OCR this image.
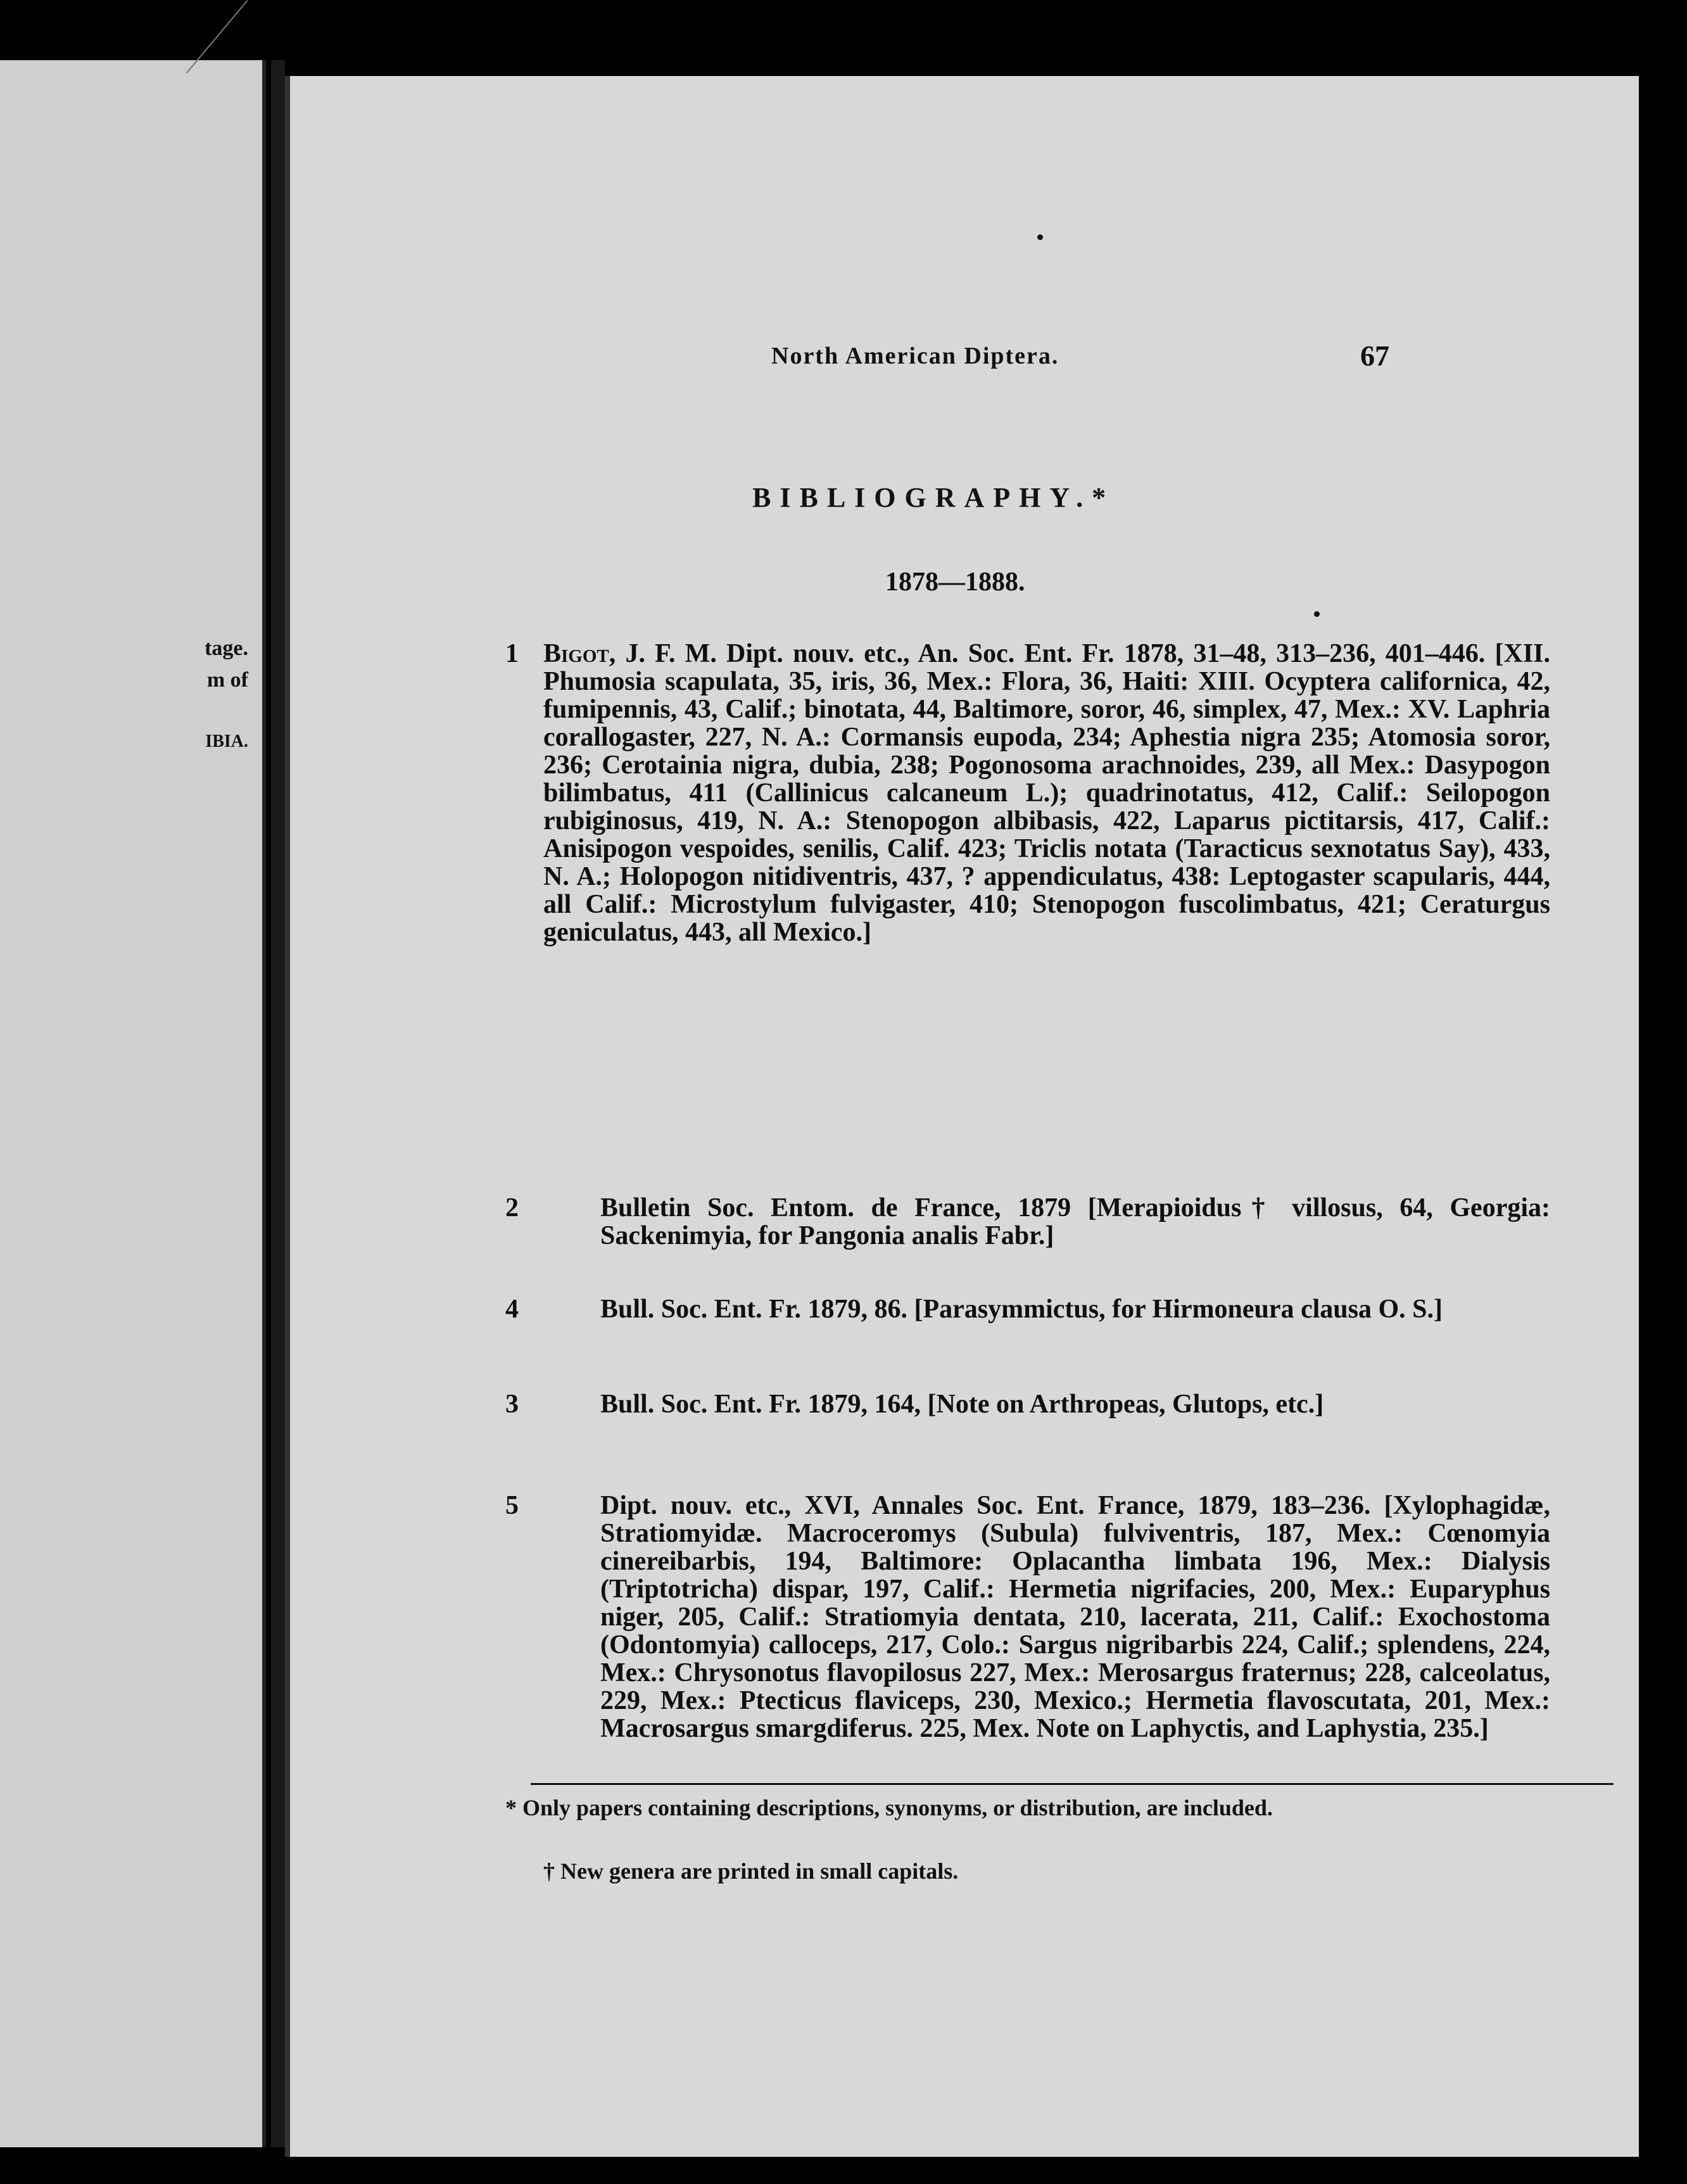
tage.
m of
IBIA.
North American Diptera.	67
BIBLIOGRAPHY.*
1878—1888.
1 Bigot, J. F. M. Dipt. nouv. etc., An. Soc. Ent. Fr. 1878, 31–48, 313–236, 401–446. [XII. Phumosia scapulata, 35, iris, 36, Mex.: Flora, 36, Haiti: XIII. Ocyptera californica, 42, fumipennis, 43, Calif.; binotata, 44, Baltimore, soror, 46, simplex, 47, Mex.: XV. Laphria corallogaster, 227, N. A.: Cormansis eupoda, 234; Aphestia nigra 235; Atomosia soror, 236; Cerotainia nigra, dubia, 238; Pogonosoma arachnoides, 239, all Mex.: Dasypogon bilimbatus, 411 (Callinicus calcaneum L.); quadrinotatus, 412, Calif.: Seilopogon rubiginosus, 419, N. A.: Stenopogon albibasis, 422, Laparus pictitarsis, 417, Calif.: Anisipogon vespoides, senilis, Calif. 423; Triclis notata (Taracticus sexnotatus Say), 433, N. A.; Holopogon nitidiventris, 437, ? appendiculatus, 438: Leptogaster scapularis, 444, all Calif.: Microstylum fulvigaster, 410; Stenopogon fuscolimbatus, 421; Ceraturgus geniculatus, 443, all Mexico.]
2	Bulletin Soc. Entom. de France, 1879 [Merapioidus† villosus, 64, Georgia: Sackenimyia, for Pangonia analis Fabr.]
4	Bull. Soc. Ent. Fr. 1879, 86. [Parasymmictus, for Hirmoneura clausa O. S.]
3	Bull. Soc. Ent. Fr. 1879, 164, [Note on Arthropeas, Glutops, etc.]
5	Dipt. nouv. etc., XVI, Annales Soc. Ent. France, 1879, 183–236. [Xylophagidæ, Stratiomyidæ. Macroceromys (Subula) fulviventris, 187, Mex.: Cœnomyia cinereibarbis, 194, Baltimore: Oplacantha limbata 196, Mex.: Dialysis (Triptotricha) dispar, 197, Calif.: Hermetia nigrifacies, 200, Mex.: Euparyphus niger, 205, Calif.: Stratiomyia dentata, 210, lacerata, 211, Calif.: Exochostoma (Odontomyia) calloceps, 217, Colo.: Sargus nigribarbis 224, Calif.; splendens, 224, Mex.: Chrysonotus flavopilosus 227, Mex.: Merosargus fraternus; 228, calceolatus, 229, Mex.: Ptecticus flaviceps, 230, Mexico.; Hermetia flavoscutata, 201, Mex.: Macrosargus smargdiferus. 225, Mex. Note on Laphyctis, and Laphystia, 235.]
* Only papers containing descriptions, synonyms, or distribution, are included.
† New genera are printed in small capitals.
